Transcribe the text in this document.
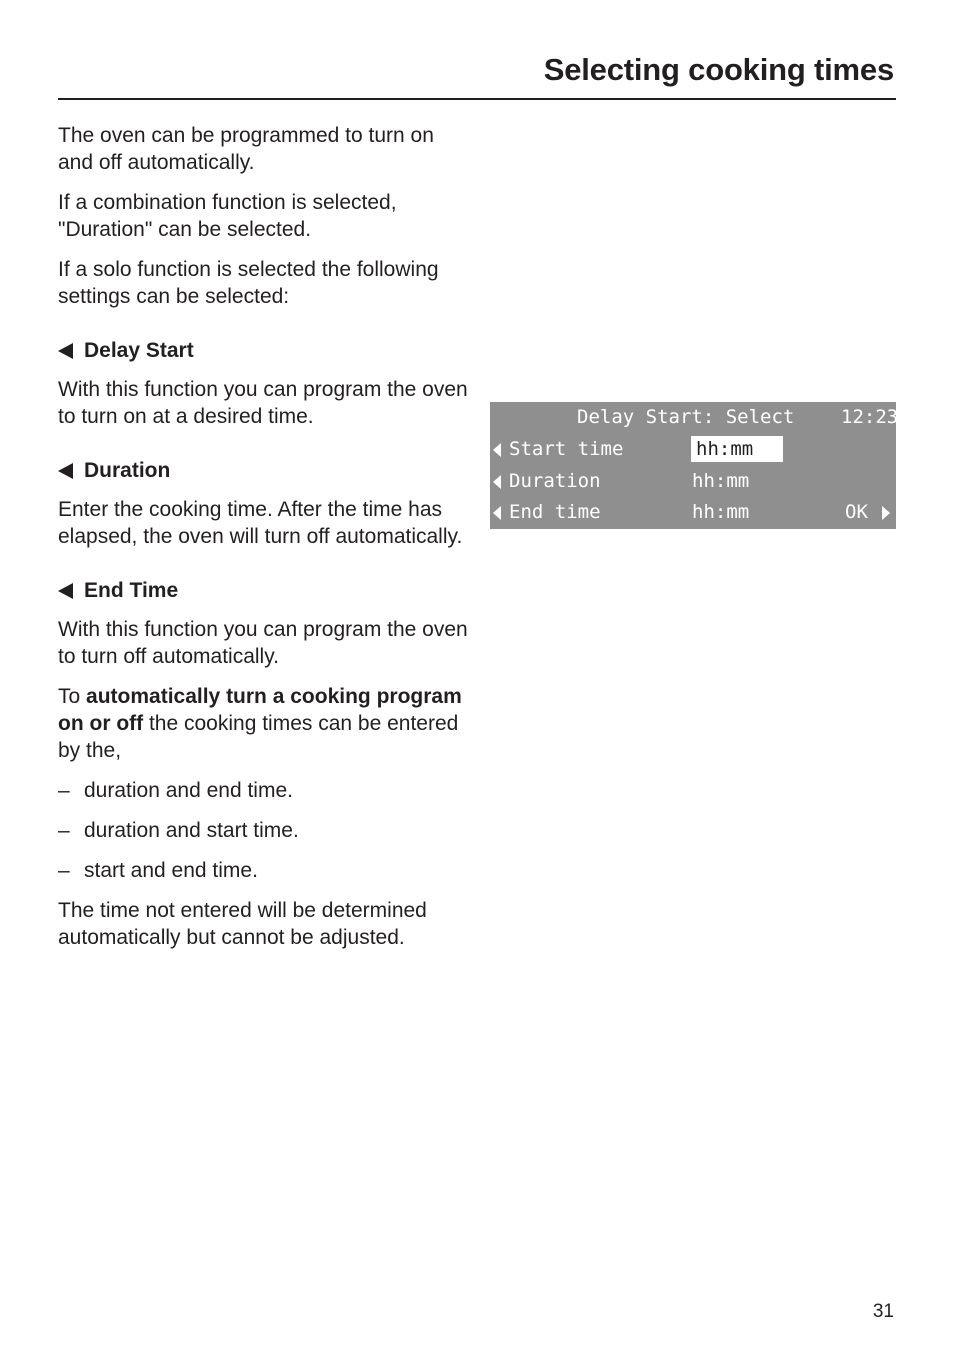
Selecting cooking times

The oven can be programmed to turn on and off automatically.

If a combination function is selected, "Duration" can be selected.

If a solo function is selected the following settings can be selected:

Delay Start

With this function you can program the oven to turn on at a desired time.

Duration

Enter the cooking time. After the time has elapsed, the oven will turn off automatically.

End Time

With this function you can program the oven to turn off automatically.

To automatically turn a cooking program on or off the cooking times can be entered by the,

– duration and end time.
– duration and start time.
– start and end time.

The time not entered will be determined automatically but cannot be adjusted.

Delay Start: Select 12:23
Start time	hh:mm
Duration	hh:mm
End time	hh:mm	OK
31
